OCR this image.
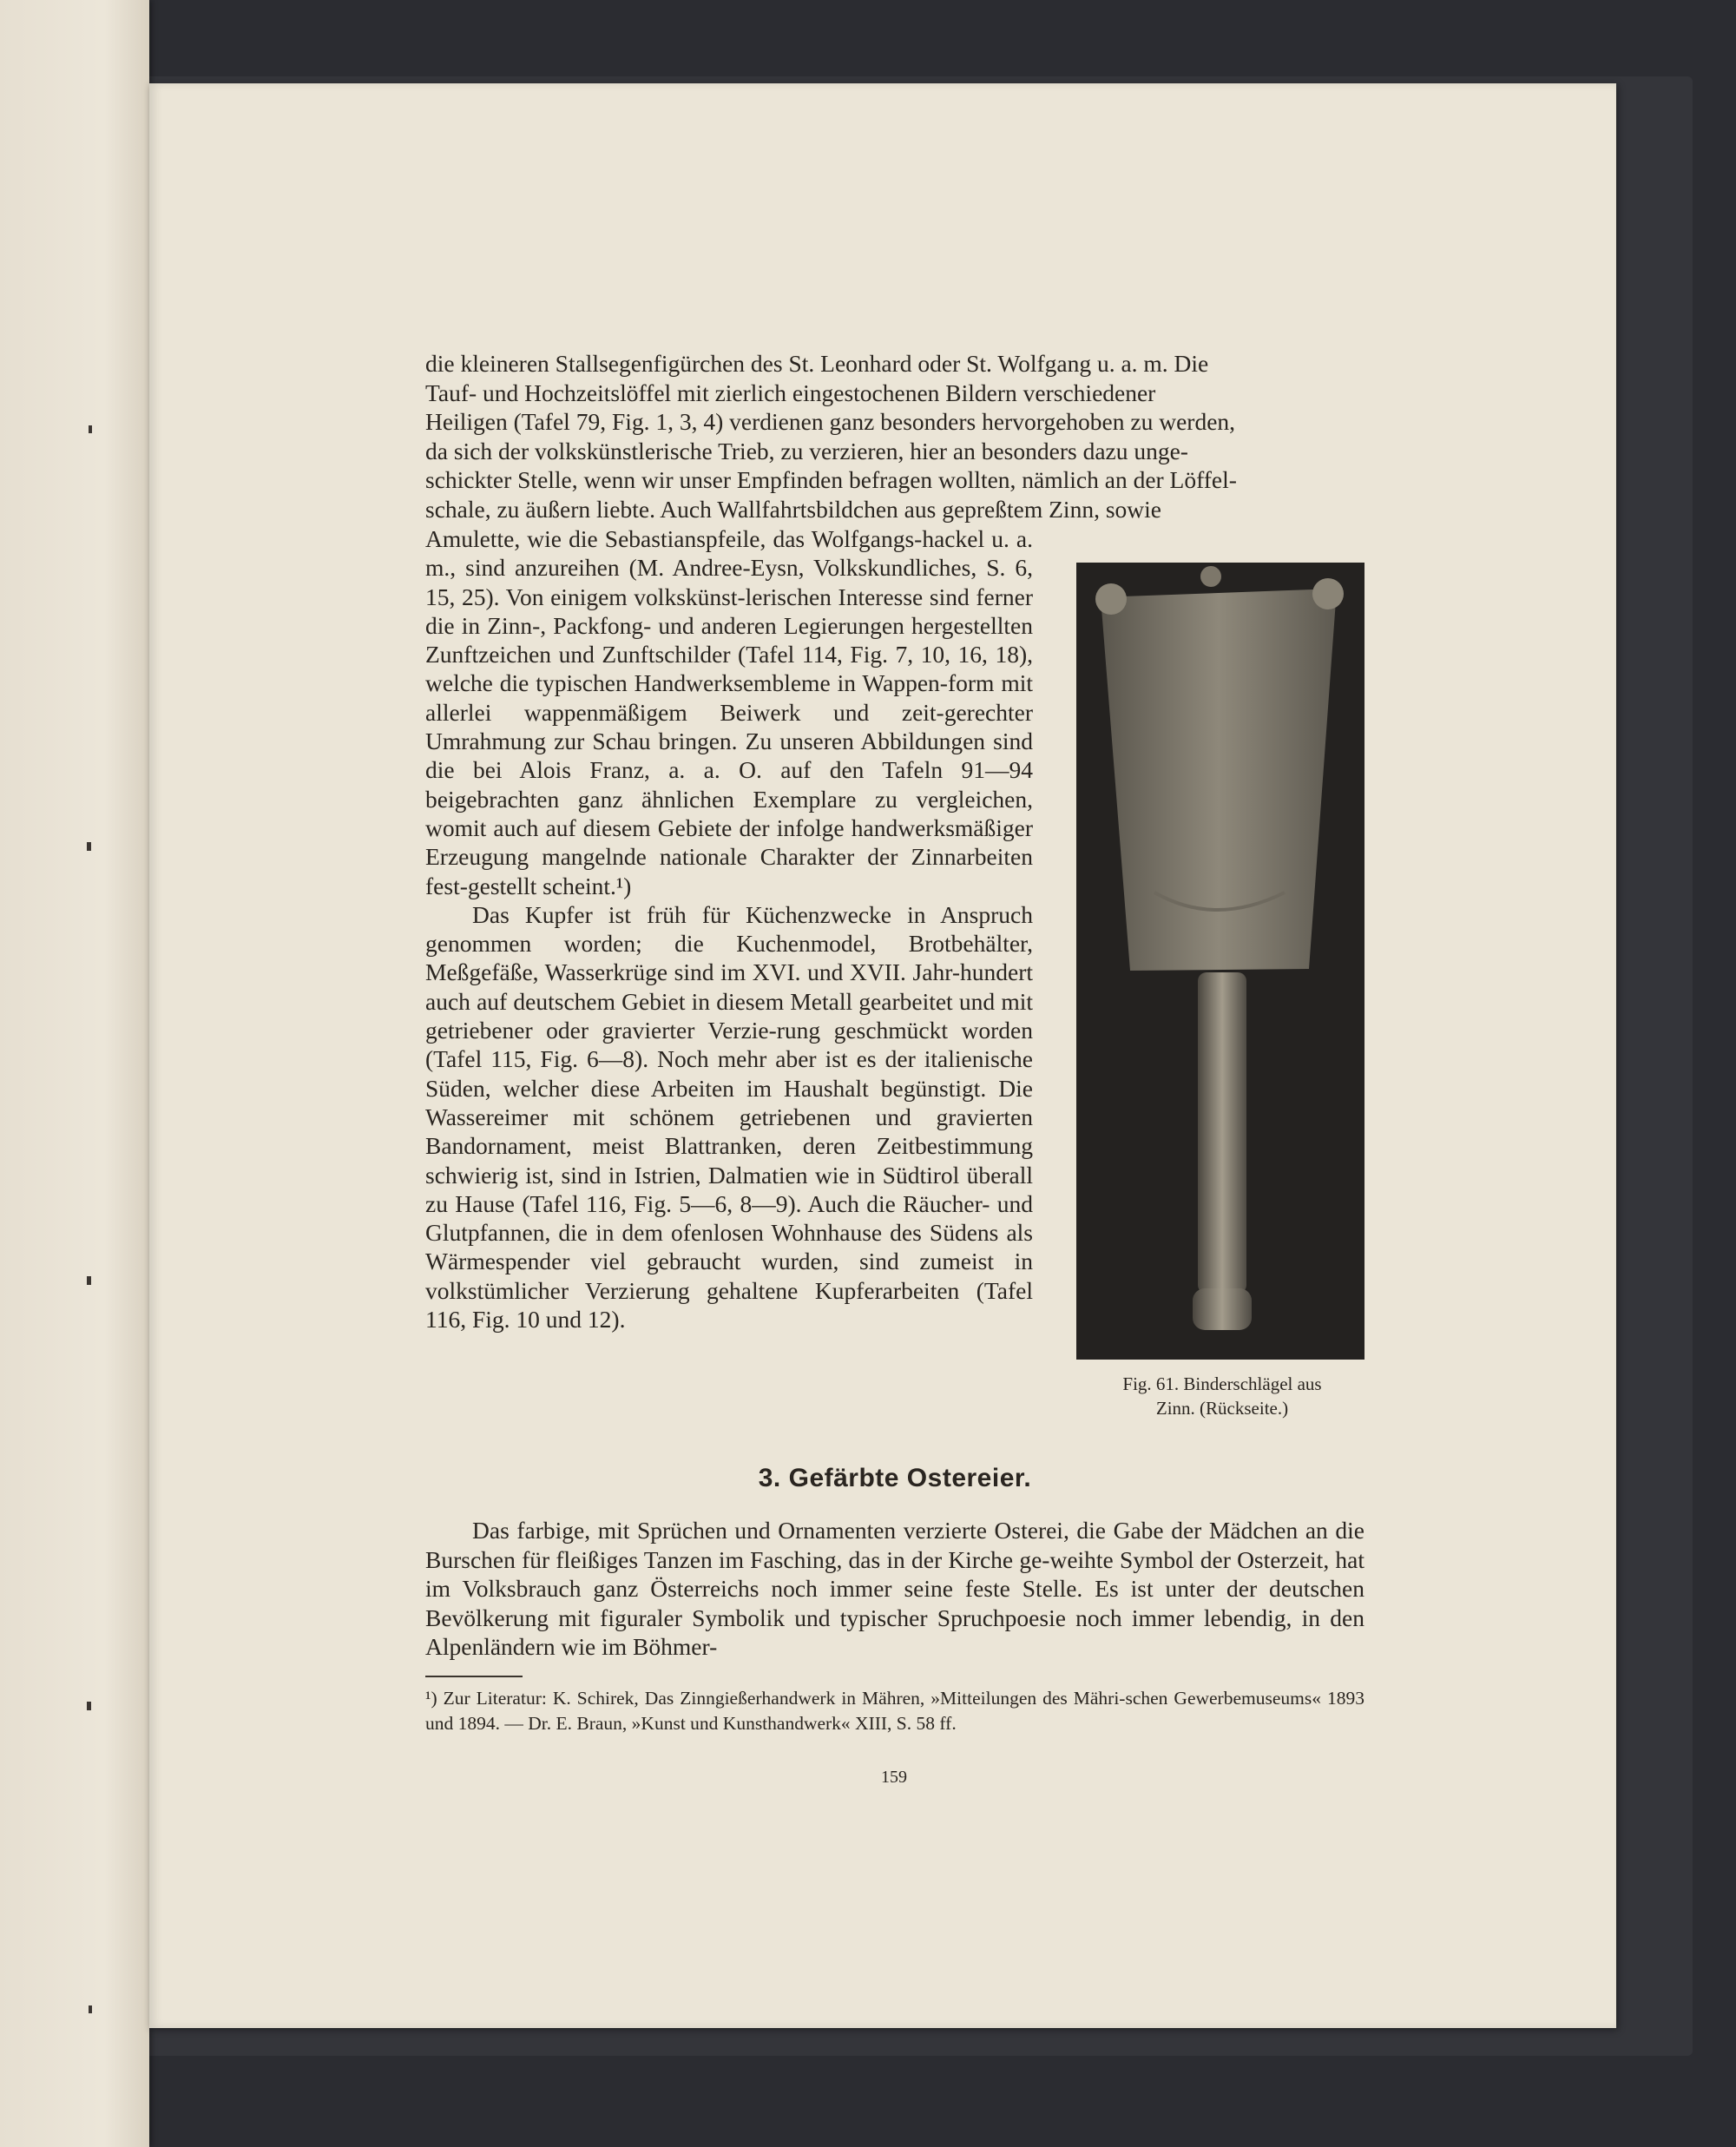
die kleineren Stallsegenfigürchen des St. Leonhard oder St. Wolfgang u. a. m. Die

Tauf- und Hochzeitslöffel mit zierlich eingestochenen Bildern verschiedener

Heiligen (Tafel 79, Fig. 1, 3, 4) verdienen ganz besonders hervorgehoben zu werden,

da sich der volkskünstlerische Trieb, zu verzieren, hier an besonders dazu unge-

schickter Stelle, wenn wir unser Empfinden befragen wollten, nämlich an der Löffel-

schale, zu äußern liebte. Auch Wallfahrtsbildchen aus gepreßtem Zinn, sowie

Amulette, wie die Sebastianspfeile, das Wolfgangs-hackel u. a. m., sind anzureihen (M. Andree-Eysn, Volkskundliches, S. 6, 15, 25). Von einigem volkskünst-lerischen Interesse sind ferner die in Zinn-, Packfong- und anderen Legierungen hergestellten Zunftzeichen und Zunftschilder (Tafel 114, Fig. 7, 10, 16, 18), welche die typischen Handwerksembleme in Wappen-form mit allerlei wappenmäßigem Beiwerk und zeit-gerechter Umrahmung zur Schau bringen. Zu unseren Abbildungen sind die bei Alois Franz, a. a. O. auf den Tafeln 91—94 beigebrachten ganz ähnlichen Exemplare zu vergleichen, womit auch auf diesem Gebiete der infolge handwerksmäßiger Erzeugung mangelnde nationale Charakter der Zinnarbeiten fest-gestellt scheint.¹)

Das Kupfer ist früh für Küchenzwecke in Anspruch genommen worden; die Kuchenmodel, Brotbehälter, Meßgefäße, Wasserkrüge sind im XVI. und XVII. Jahr-hundert auch auf deutschem Gebiet in diesem Metall gearbeitet und mit getriebener oder gravierter Verzie-rung geschmückt worden (Tafel 115, Fig. 6—8). Noch mehr aber ist es der italienische Süden, welcher diese Arbeiten im Haushalt begünstigt. Die Wassereimer mit schönem getriebenen und gravierten Bandornament, meist Blattranken, deren Zeitbestimmung schwierig ist, sind in Istrien, Dalmatien wie in Südtirol überall zu Hause (Tafel 116, Fig. 5—6, 8—9). Auch die Räucher- und Glutpfannen, die in dem ofenlosen Wohnhause des Südens als Wärmespender viel gebraucht wurden, sind zumeist in volkstümlicher Verzierung gehaltene Kupferarbeiten (Tafel 116, Fig. 10 und 12).

Fig. 61. Binderschlägel aus
Zinn. (Rückseite.)
3. Gefärbte Ostereier.

Das farbige, mit Sprüchen und Ornamenten verzierte Osterei, die Gabe der Mädchen an die Burschen für fleißiges Tanzen im Fasching, das in der Kirche ge-weihte Symbol der Osterzeit, hat im Volksbrauch ganz Österreichs noch immer seine feste Stelle. Es ist unter der deutschen Bevölkerung mit figuraler Symbolik und typischer Spruchpoesie noch immer lebendig, in den Alpenländern wie im Böhmer-

¹) Zur Literatur: K. Schirek, Das Zinngießerhandwerk in Mähren, »Mitteilungen des Mähri-schen Gewerbemuseums« 1893 und 1894. — Dr. E. Braun, »Kunst und Kunsthandwerk« XIII, S. 58 ff.
159
